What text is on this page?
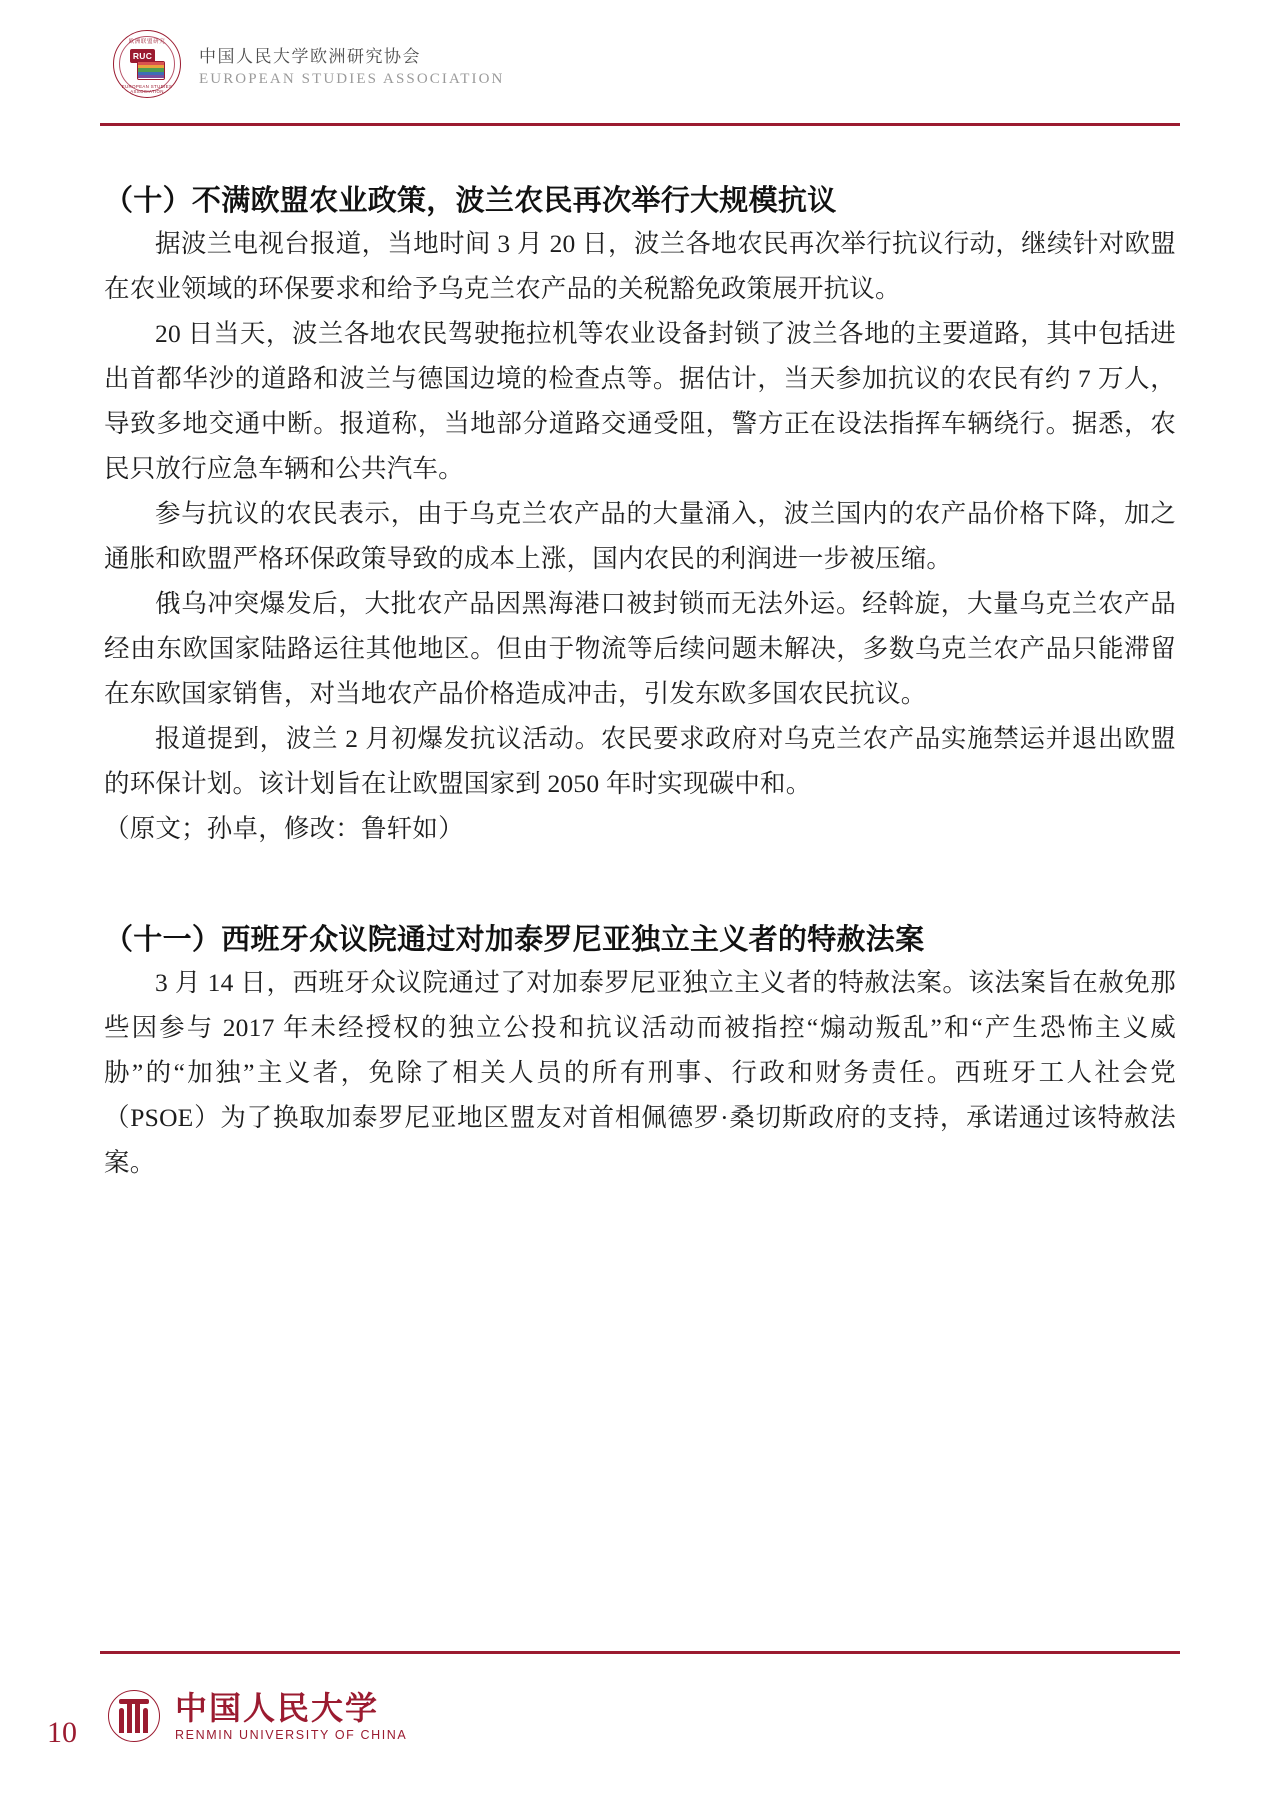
欧洲联盟研究
RUC
EUROPEAN STUDIES ASSOCIATION
中国人民大学欧洲研究协会
EUROPEAN STUDIES ASSOCIATION
（十）不满欧盟农业政策，波兰农民再次举行大规模抗议

据波兰电视台报道，当地时间 3 月 20 日，波兰各地农民再次举行抗议行动，继续针对欧盟在农业领域的环保要求和给予乌克兰农产品的关税豁免政策展开抗议。

20 日当天，波兰各地农民驾驶拖拉机等农业设备封锁了波兰各地的主要道路，其中包括进出首都华沙的道路和波兰与德国边境的检查点等。据估计，当天参加抗议的农民有约 7 万人，导致多地交通中断。报道称，当地部分道路交通受阻，警方正在设法指挥车辆绕行。据悉，农民只放行应急车辆和公共汽车。

参与抗议的农民表示，由于乌克兰农产品的大量涌入，波兰国内的农产品价格下降，加之通胀和欧盟严格环保政策导致的成本上涨，国内农民的利润进一步被压缩。

俄乌冲突爆发后，大批农产品因黑海港口被封锁而无法外运。经斡旋，大量乌克兰农产品经由东欧国家陆路运往其他地区。但由于物流等后续问题未解决，多数乌克兰农产品只能滞留在东欧国家销售，对当地农产品价格造成冲击，引发东欧多国农民抗议。

报道提到，波兰 2 月初爆发抗议活动。农民要求政府对乌克兰农产品实施禁运并退出欧盟的环保计划。该计划旨在让欧盟国家到 2050 年时实现碳中和。

（原文；孙卓，修改：鲁轩如）

（十一）西班牙众议院通过对加泰罗尼亚独立主义者的特赦法案

3 月 14 日，西班牙众议院通过了对加泰罗尼亚独立主义者的特赦法案。该法案旨在赦免那些因参与 2017 年未经授权的独立公投和抗议活动而被指控“煽动叛乱”和“产生恐怖主义威胁”的“加独”主义者，免除了相关人员的所有刑事、行政和财务责任。西班牙工人社会党（PSOE）为了换取加泰罗尼亚地区盟友对首相佩德罗·桑切斯政府的支持，承诺通过该特赦法案。

10
中国人民大学
RENMIN UNIVERSITY OF CHINA
